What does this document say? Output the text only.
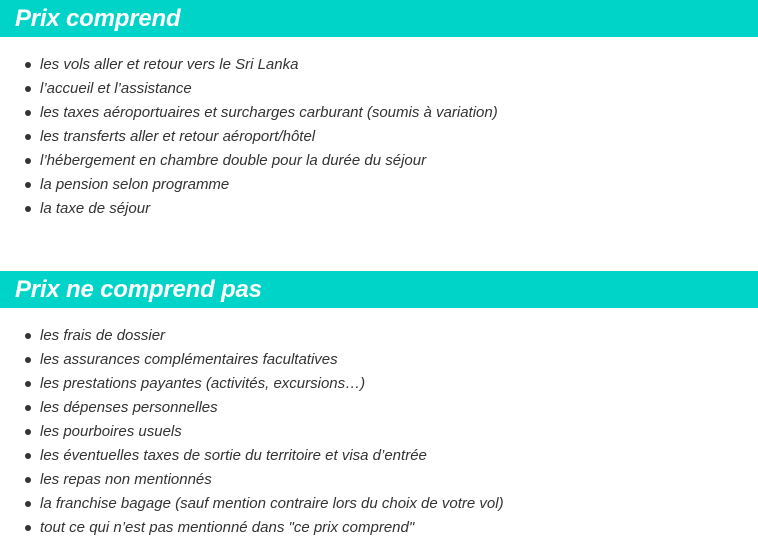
Prix comprend
les vols aller et retour vers le Sri Lanka
l’accueil et l’assistance
les taxes aéroportuaires et surcharges carburant (soumis à variation)
les transferts aller et retour aéroport/hôtel
l’hébergement en chambre double pour la durée du séjour
la pension selon programme
la taxe de séjour
Prix ne comprend pas
les frais de dossier
les assurances complémentaires facultatives
les prestations payantes (activités, excursions…)
les dépenses personnelles
les pourboires usuels
les éventuelles taxes de sortie du territoire et visa d’entrée
les repas non mentionnés
la franchise bagage (sauf mention contraire lors du choix de votre vol)
tout ce qui n’est pas mentionné dans "ce prix comprend"
